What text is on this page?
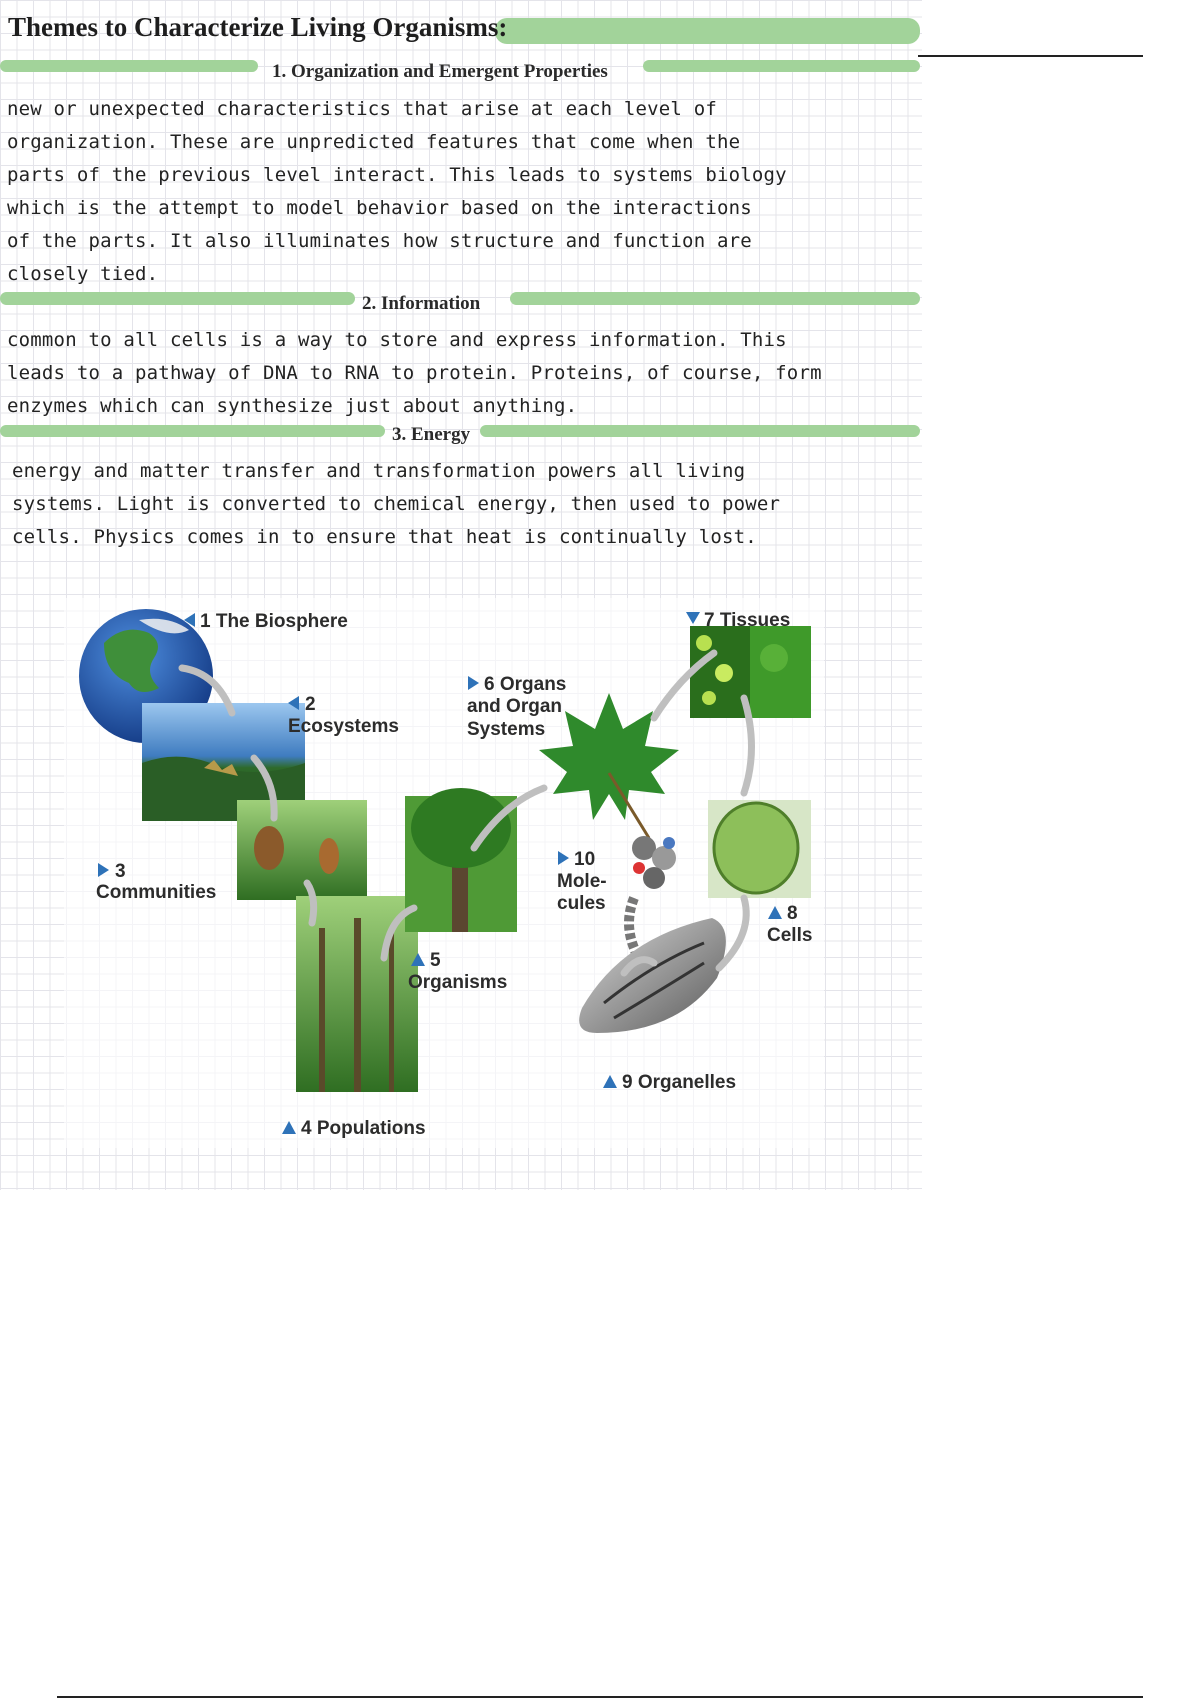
Themes to Characterize Living Organisms:
1. Organization and Emergent Properties
new or unexpected characteristics that arise at each level of
organization. These are unpredicted features that come when the
parts of the previous level interact. This leads to systems biology
which is the attempt to model behavior based on the interactions
of the parts. It also illuminates how structure and function are
closely tied.
2. Information
common to all cells is a way to store and express information. This
leads to a pathway of DNA to RNA to protein. Proteins, of course, form
enzymes which can synthesize just about anything.
3. Energy
energy and matter transfer and transformation powers all living
systems. Light is converted to chemical energy, then used to power
cells. Physics comes in to ensure that heat is continually lost.
1 The Biosphere
2
Ecosystems
3
Communities
4 Populations
5
Organisms
6 Organs
and Organ
Systems
7 Tissues
8
Cells
9 Organelles
10
Mole-
cules
